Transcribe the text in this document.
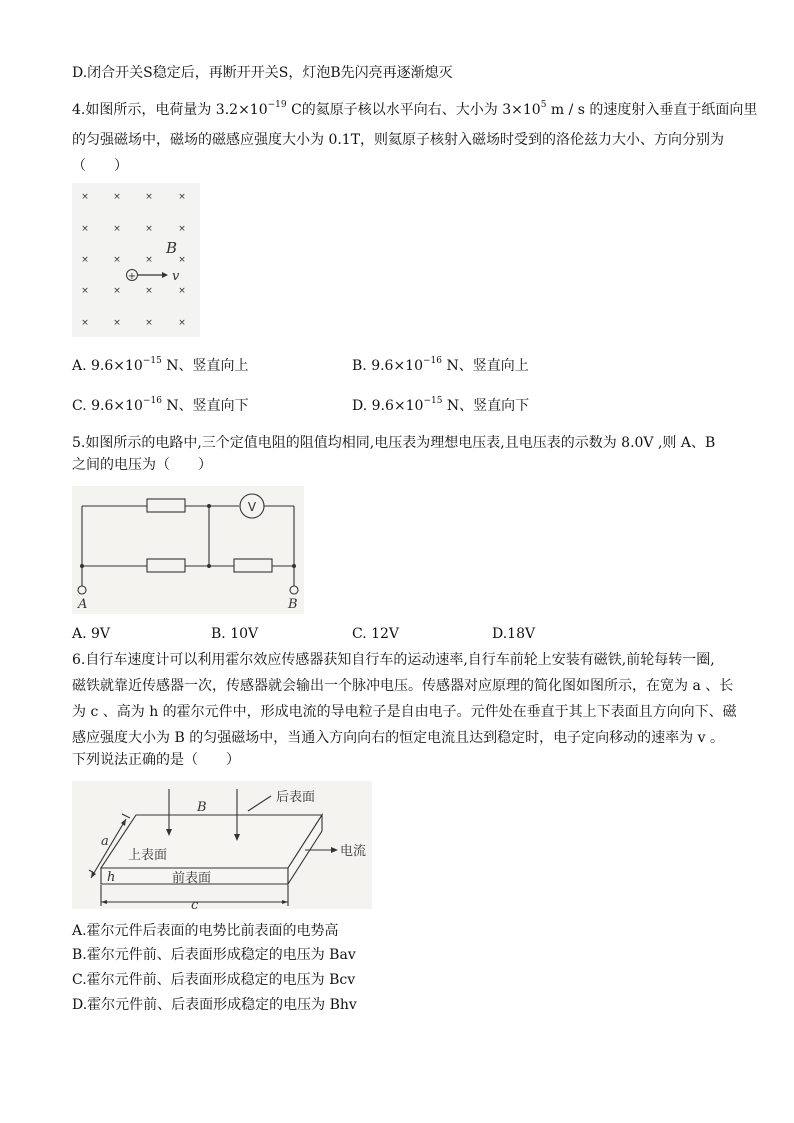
D.闭合开关S稳定后，再断开开关S，灯泡B先闪亮再逐渐熄灭
4.如图所示，电荷量为 $3.2\times 10^{-19}$ C的氦原子核以水平向右、大小为 $3\times 10^5$ m / s 的速度射入垂直于纸面向里
的匀强磁场中，磁场的磁感应强度大小为 0.1T，则氦原子核射入磁场时受到的洛伦兹力大小、方向分别为
（　　）
×	×	×	×
×	×	×	×
×	×	×	×
×	×	×	×
×	×	×	×
B
+	v
A. $9.6\times 10^{-15}$ N、竖直向上	B. $9.6\times 10^{-16}$ N、竖直向上
C. $9.6\times 10^{-16}$ N、竖直向下	D. $9.6\times 10^{-15}$ N、竖直向下
5.如图所示的电路中,三个定值电阻的阻值均相同,电压表为理想电压表,且电压表的示数为 8.0V ,则 A、B
之间的电压为（　　）
V
A	B
A. 9V	B. 10V	C. 12V	D.18V
6.自行车速度计可以利用霍尔效应传感器获知自行车的运动速率,自行车前轮上安装有磁铁,前轮每转一圈,
磁铁就靠近传感器一次，传感器就会输出一个脉冲电压。传感器对应原理的简化图如图所示，在宽为 a 、长
为 c 、高为 h 的霍尔元件中，形成电流的导电粒子是自由电子。元件处在垂直于其上下表面且方向向下、磁
感应强度大小为 B 的匀强磁场中，当通入方向向右的恒定电流且达到稳定时，电子定向移动的速率为 v 。
下列说法正确的是（　　）
后表面
上表面
前表面
电流
B
a
h
c
A.霍尔元件后表面的电势比前表面的电势高
B.霍尔元件前、后表面形成稳定的电压为 Bav
C.霍尔元件前、后表面形成稳定的电压为 Bcv
D.霍尔元件前、后表面形成稳定的电压为 Bhv
